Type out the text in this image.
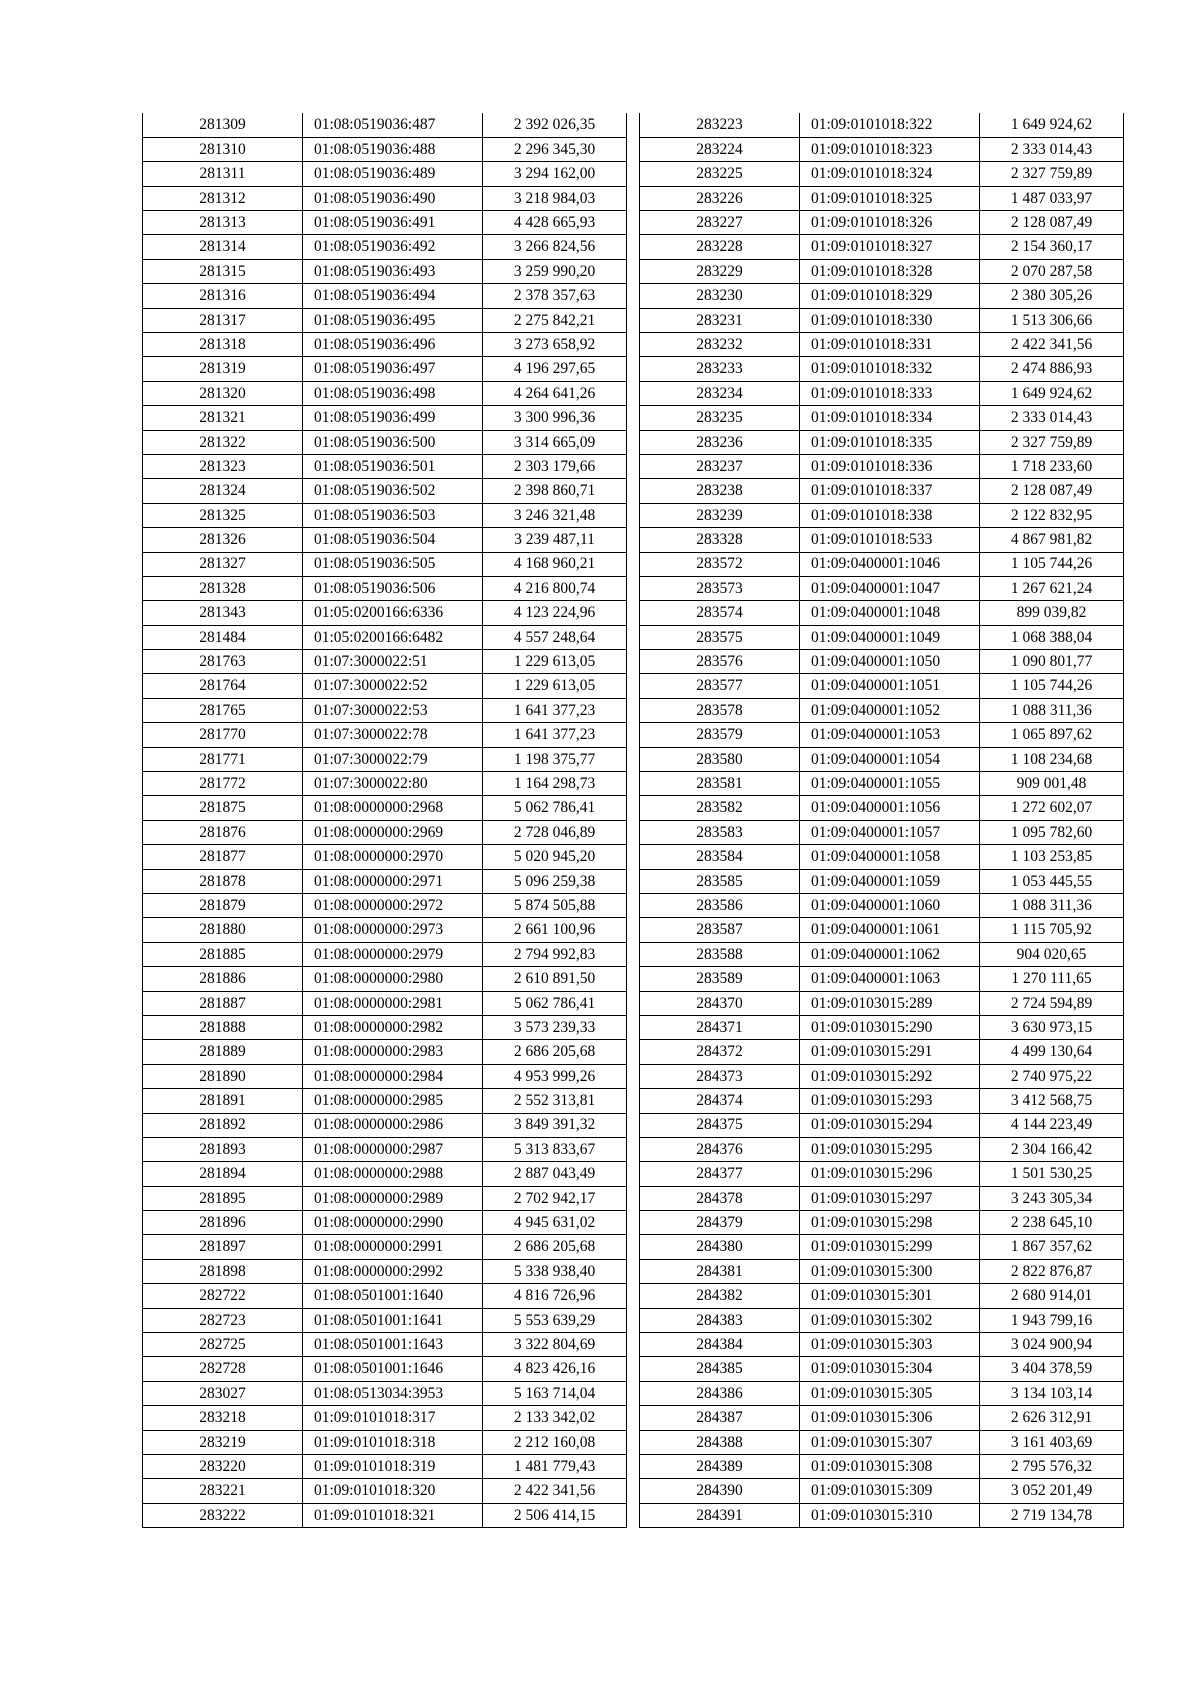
281309	01:08:0519036:487	2 392 026,35
281310	01:08:0519036:488	2 296 345,30
281311	01:08:0519036:489	3 294 162,00
281312	01:08:0519036:490	3 218 984,03
281313	01:08:0519036:491	4 428 665,93
281314	01:08:0519036:492	3 266 824,56
281315	01:08:0519036:493	3 259 990,20
281316	01:08:0519036:494	2 378 357,63
281317	01:08:0519036:495	2 275 842,21
281318	01:08:0519036:496	3 273 658,92
281319	01:08:0519036:497	4 196 297,65
281320	01:08:0519036:498	4 264 641,26
281321	01:08:0519036:499	3 300 996,36
281322	01:08:0519036:500	3 314 665,09
281323	01:08:0519036:501	2 303 179,66
281324	01:08:0519036:502	2 398 860,71
281325	01:08:0519036:503	3 246 321,48
281326	01:08:0519036:504	3 239 487,11
281327	01:08:0519036:505	4 168 960,21
281328	01:08:0519036:506	4 216 800,74
281343	01:05:0200166:6336	4 123 224,96
281484	01:05:0200166:6482	4 557 248,64
281763	01:07:3000022:51	1 229 613,05
281764	01:07:3000022:52	1 229 613,05
281765	01:07:3000022:53	1 641 377,23
281770	01:07:3000022:78	1 641 377,23
281771	01:07:3000022:79	1 198 375,77
281772	01:07:3000022:80	1 164 298,73
281875	01:08:0000000:2968	5 062 786,41
281876	01:08:0000000:2969	2 728 046,89
281877	01:08:0000000:2970	5 020 945,20
281878	01:08:0000000:2971	5 096 259,38
281879	01:08:0000000:2972	5 874 505,88
281880	01:08:0000000:2973	2 661 100,96
281885	01:08:0000000:2979	2 794 992,83
281886	01:08:0000000:2980	2 610 891,50
281887	01:08:0000000:2981	5 062 786,41
281888	01:08:0000000:2982	3 573 239,33
281889	01:08:0000000:2983	2 686 205,68
281890	01:08:0000000:2984	4 953 999,26
281891	01:08:0000000:2985	2 552 313,81
281892	01:08:0000000:2986	3 849 391,32
281893	01:08:0000000:2987	5 313 833,67
281894	01:08:0000000:2988	2 887 043,49
281895	01:08:0000000:2989	2 702 942,17
281896	01:08:0000000:2990	4 945 631,02
281897	01:08:0000000:2991	2 686 205,68
281898	01:08:0000000:2992	5 338 938,40
282722	01:08:0501001:1640	4 816 726,96
282723	01:08:0501001:1641	5 553 639,29
282725	01:08:0501001:1643	3 322 804,69
282728	01:08:0501001:1646	4 823 426,16
283027	01:08:0513034:3953	5 163 714,04
283218	01:09:0101018:317	2 133 342,02
283219	01:09:0101018:318	2 212 160,08
283220	01:09:0101018:319	1 481 779,43
283221	01:09:0101018:320	2 422 341,56
283222	01:09:0101018:321	2 506 414,15
283223	01:09:0101018:322	1 649 924,62
283224	01:09:0101018:323	2 333 014,43
283225	01:09:0101018:324	2 327 759,89
283226	01:09:0101018:325	1 487 033,97
283227	01:09:0101018:326	2 128 087,49
283228	01:09:0101018:327	2 154 360,17
283229	01:09:0101018:328	2 070 287,58
283230	01:09:0101018:329	2 380 305,26
283231	01:09:0101018:330	1 513 306,66
283232	01:09:0101018:331	2 422 341,56
283233	01:09:0101018:332	2 474 886,93
283234	01:09:0101018:333	1 649 924,62
283235	01:09:0101018:334	2 333 014,43
283236	01:09:0101018:335	2 327 759,89
283237	01:09:0101018:336	1 718 233,60
283238	01:09:0101018:337	2 128 087,49
283239	01:09:0101018:338	2 122 832,95
283328	01:09:0101018:533	4 867 981,82
283572	01:09:0400001:1046	1 105 744,26
283573	01:09:0400001:1047	1 267 621,24
283574	01:09:0400001:1048	899 039,82
283575	01:09:0400001:1049	1 068 388,04
283576	01:09:0400001:1050	1 090 801,77
283577	01:09:0400001:1051	1 105 744,26
283578	01:09:0400001:1052	1 088 311,36
283579	01:09:0400001:1053	1 065 897,62
283580	01:09:0400001:1054	1 108 234,68
283581	01:09:0400001:1055	909 001,48
283582	01:09:0400001:1056	1 272 602,07
283583	01:09:0400001:1057	1 095 782,60
283584	01:09:0400001:1058	1 103 253,85
283585	01:09:0400001:1059	1 053 445,55
283586	01:09:0400001:1060	1 088 311,36
283587	01:09:0400001:1061	1 115 705,92
283588	01:09:0400001:1062	904 020,65
283589	01:09:0400001:1063	1 270 111,65
284370	01:09:0103015:289	2 724 594,89
284371	01:09:0103015:290	3 630 973,15
284372	01:09:0103015:291	4 499 130,64
284373	01:09:0103015:292	2 740 975,22
284374	01:09:0103015:293	3 412 568,75
284375	01:09:0103015:294	4 144 223,49
284376	01:09:0103015:295	2 304 166,42
284377	01:09:0103015:296	1 501 530,25
284378	01:09:0103015:297	3 243 305,34
284379	01:09:0103015:298	2 238 645,10
284380	01:09:0103015:299	1 867 357,62
284381	01:09:0103015:300	2 822 876,87
284382	01:09:0103015:301	2 680 914,01
284383	01:09:0103015:302	1 943 799,16
284384	01:09:0103015:303	3 024 900,94
284385	01:09:0103015:304	3 404 378,59
284386	01:09:0103015:305	3 134 103,14
284387	01:09:0103015:306	2 626 312,91
284388	01:09:0103015:307	3 161 403,69
284389	01:09:0103015:308	2 795 576,32
284390	01:09:0103015:309	3 052 201,49
284391	01:09:0103015:310	2 719 134,78
